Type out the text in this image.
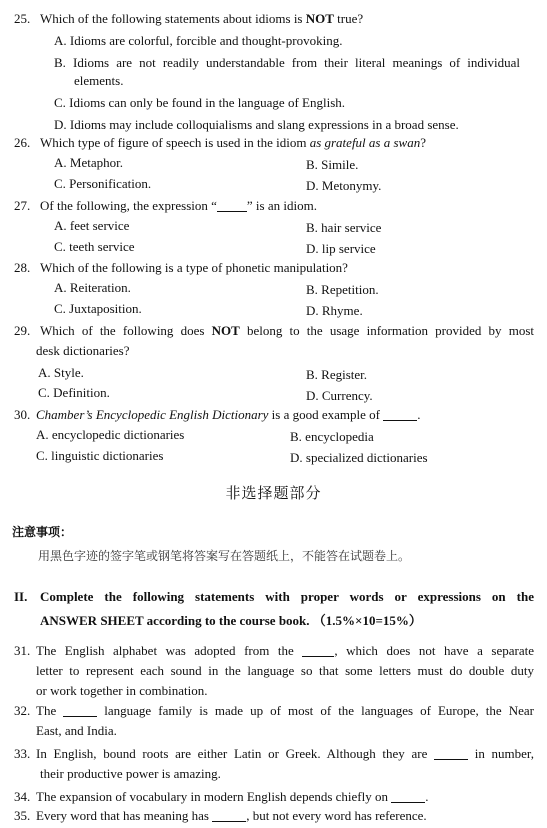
25. Which of the following statements about idioms is NOT true?
A. Idioms are colorful, forcible and thought-provoking.
B. Idioms are not readily understandable from their literal meanings of individual
elements.
C. Idioms can only be found in the language of English.
D. Idioms may include colloquialisms and slang expressions in a broad sense.
26. Which type of figure of speech is used in the idiom as grateful as a swan?
A. Metaphor.	B. Simile.
C. Personification.	D. Metonymy.
27. Of the following, the expression “ ” is an idiom.
A. feet service	B. hair service
C. teeth service	D. lip service
28. Which of the following is a type of phonetic manipulation?
A. Reiteration.	B. Repetition.
C. Juxtaposition.	D. Rhyme.
29. Which of the following does NOT belong to the usage information provided by most
desk dictionaries?
A. Style.	B. Register.
C. Definition.	D. Currency.
30. Chamber’s Encyclopedic English Dictionary is a good example of	.
A. encyclopedic dictionaries	B. encyclopedia
C. linguistic dictionaries	D. specialized dictionaries
非选择题部分
注意事项：
用黑色字迹的签字笔或钢笔将答案写在答题纸上，不能答在试题卷上。
II. Complete the following statements with proper words or expressions on the
ANSWER SHEET according to the course book. （1.5%×10=15%）
31. The English alphabet was adopted from the , which does not have a separate
letter to represent each sound in the language so that some letters must do double duty
or work together in combination.
32. The	language family is made up of most of the languages of Europe, the Near
East, and India.
33. In English, bound roots are either Latin or Greek. Although they are	in number,
their productive power is amazing.
34. The expansion of vocabulary in modern English depends chiefly on	.
35. Every word that has meaning has	, but not every word has reference.
